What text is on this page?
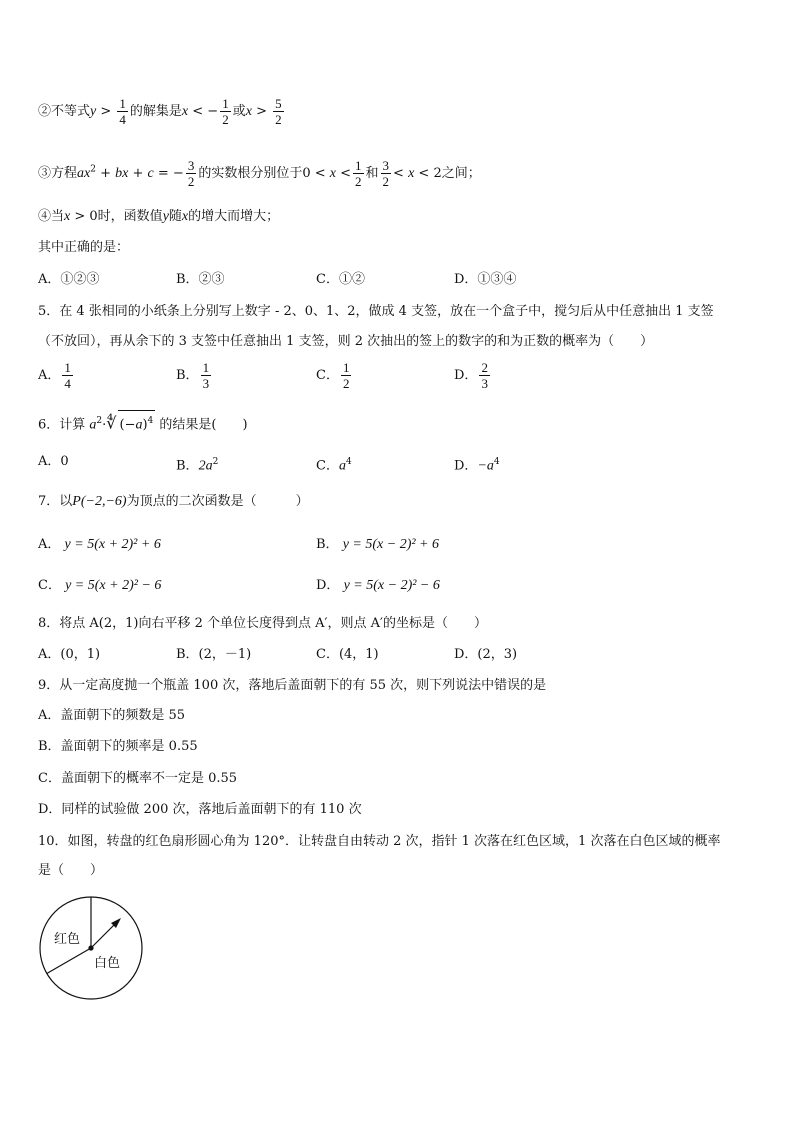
②不等式$y > \frac{1}{4}$ 的解集是x < − $\frac{1}{2}$ 或$x > \frac{5}{2}$
③方程$ax^2$ + bx + c = − $\frac{3}{2}$ 的实数根分别位于$0 < x < \frac{1}{2}$ 和 $\frac{3}{2} < x < 2$之间；
④当x > 0时，函数值y随x的增大而增大；
其中正确的是：
A．①②③	B．②③	C．①②	D．①③④
5．在 4 张相同的小纸条上分别写上数字 - 2、0、1、2，做成 4 支签，放在一个盒子中，搅匀后从中任意抽出 1 支签
（不放回），再从余下的 3 支签中任意抽出 1 支签，则 2 次抽出的签上的数字的和为正数的概率为（　　）
A． $\frac{1}{4}$	B． $\frac{1}{3}$	C． $\frac{1}{2}$	D． $\frac{2}{3}$
6．计算 $a^2\cdot∜$ $(-a)^4$ 的结果是(　　)
A．0	B．$2a^2$	C．$a^4$	D．$-a^4$
7．以P(−2,−6)为顶点的二次函数是（　　　）
A． y = 5(x + 2)² + 6	B． y = 5(x − 2)² + 6
C． y = 5(x + 2)² − 6	D． y = 5(x − 2)² − 6
8．将点 A(2，1)向右平移 2 个单位长度得到点 A′，则点 A′的坐标是（　　）
A．(0，1)	B．(2，－1)	C．(4，1)	D．(2，3)
9．从一定高度抛一个瓶盖 100 次，落地后盖面朝下的有 55 次，则下列说法中错误的是
A．盖面朝下的频数是 55
B．盖面朝下的频率是 0.55
C．盖面朝下的概率不一定是 0.55
D．同样的试验做 200 次，落地后盖面朝下的有 110 次
10．如图，转盘的红色扇形圆心角为 120°．让转盘自由转动 2 次，指针 1 次落在红色区域，1 次落在白色区域的概率
是（　　）
红色
白色
